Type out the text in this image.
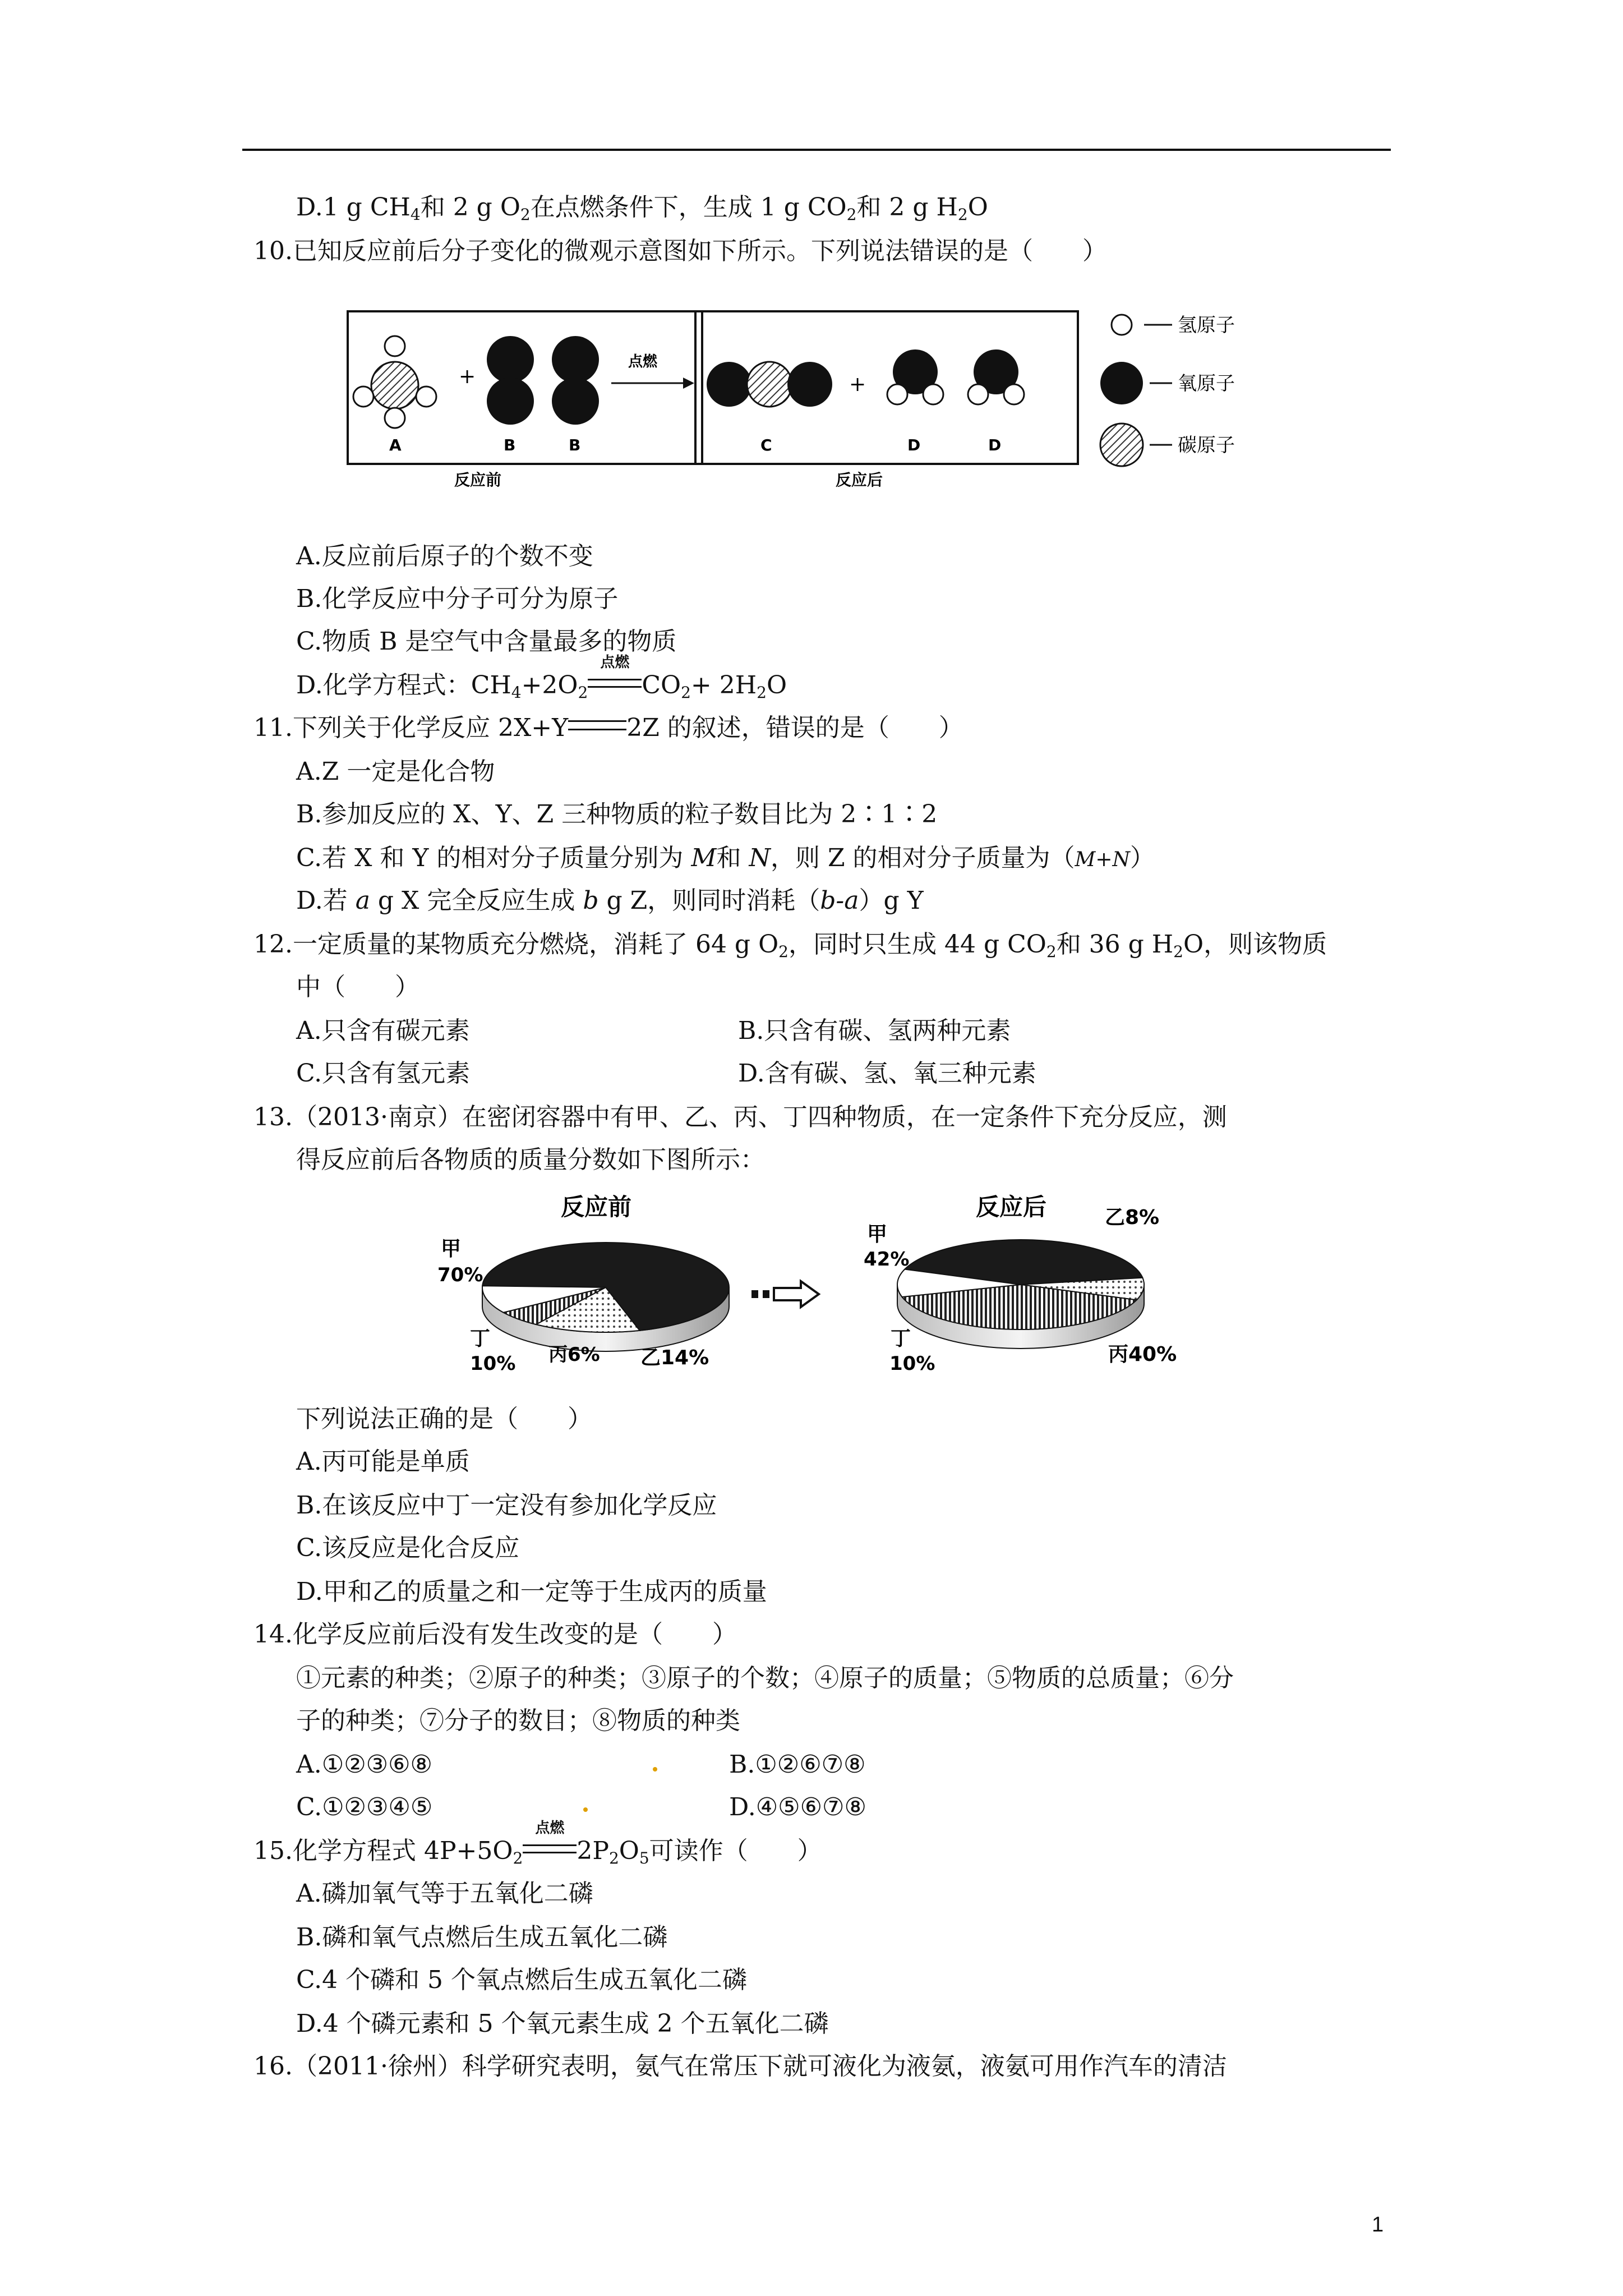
D.1 g $CH_4$和 2 g $O_2$在点燃条件下，生成 1 g $CO_2$和 2 g $H_2O$
10.已知反应前后分子变化的微观示意图如下所示。下列说法错误的是（　　）
+
A	B	B
反应前
点燃
+
C	D	D
反应后
氢原子
氧原子
碳原子
A.反应前后原子的个数不变
B.化学反应中分子可分为原子
C.物质 B 是空气中含量最多的物质
D.化学方程式：$CH_4+2O_2$
点燃
$CO_2+ 2H_2O$
11.下列关于化学反应 2X+Y 2Z 的叙述，错误的是（　　）
A.Z 一定是化合物
B.参加反应的 X、Y、Z 三种物质的粒子数目比为 2∶1∶2
C.若 X 和 Y 的相对分子质量分别为 M和 N，则 Z 的相对分子质量为（M+N）
D.若 a g X 完全反应生成 b g Z，则同时消耗（b-a）g Y
12.一定质量的某物质充分燃烧，消耗了 64 g $O_2$，同时只生成 44 g $CO_2$和 36 g $H_2O$，则该物质
中（　　）
A.只含有碳元素	B.只含有碳、氢两种元素
C.只含有氢元素	D.含有碳、氢、氧三种元素
13.（2013·南京）在密闭容器中有甲、乙、丙、丁四种物质，在一定条件下充分反应，测
得反应前后各物质的质量分数如下图所示：
反应前
甲
70%
丁
10% 丙6% 乙14%
反应后
甲
42%
乙8%
丁
10%	丙40%
下列说法正确的是（　　）
A.丙可能是单质
B.在该反应中丁一定没有参加化学反应
C.该反应是化合反应
D.甲和乙的质量之和一定等于生成丙的质量
14.化学反应前后没有发生改变的是（　　）
①元素的种类；②原子的种类；③原子的个数；④原子的质量；⑤物质的总质量；⑥分
子的种类；⑦分子的数目；⑧物质的种类
A.①②③⑥⑧	B.①②⑥⑦⑧
C.①②③④⑤	D.④⑤⑥⑦⑧
15.化学方程式 $4P+5O_2$
点燃
$2P_2O_5$可读作（　　）
A.磷加氧气等于五氧化二磷
B.磷和氧气点燃后生成五氧化二磷
C.4 个磷和 5 个氧点燃后生成五氧化二磷
D.4 个磷元素和 5 个氧元素生成 2 个五氧化二磷
16.（2011·徐州）科学研究表明，氨气在常压下就可液化为液氨，液氨可用作汽车的清洁
1
